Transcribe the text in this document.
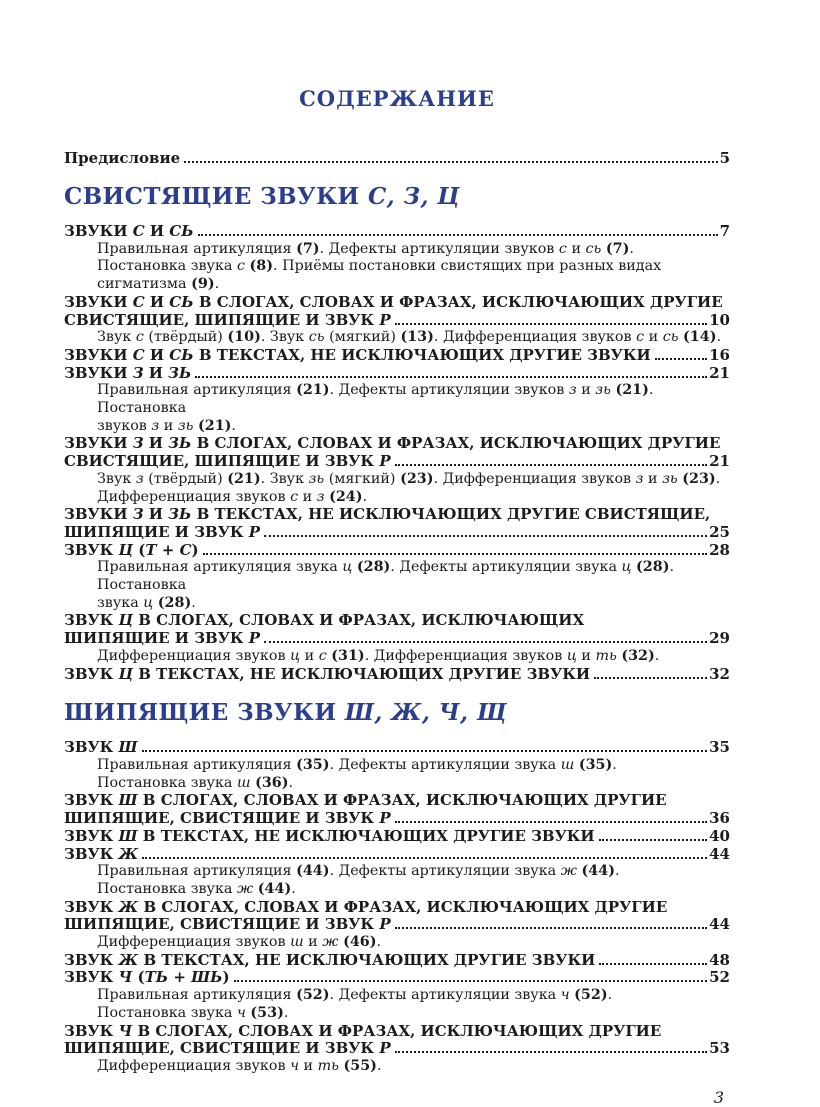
СОДЕРЖАНИЕ
Предисловие	5
СВИСТЯЩИЕ ЗВУКИ С, З, Ц
ЗВУКИ С И СЬ	7
Правильная артикуляция (7). Дефекты артикуляции звуков с и сь (7).
Постановка звука с (8). Приёмы постановки свистящих при разных видах сигматизма (9).
ЗВУКИ С И СЬ В СЛОГАХ, СЛОВАХ И ФРАЗАХ, ИСКЛЮЧАЮЩИХ ДРУГИЕ
СВИСТЯЩИЕ, ШИПЯЩИЕ И ЗВУК Р	10
Звук с (твёрдый) (10). Звук сь (мягкий) (13). Дифференциация звуков с и сь (14).
ЗВУКИ С И СЬ В ТЕКСТАХ, НЕ ИСКЛЮЧАЮЩИХ ДРУГИЕ ЗВУКИ	16
ЗВУКИ З И ЗЬ	21
Правильная артикуляция (21). Дефекты артикуляции звуков з и зь (21). Постановка
звуков з и зь (21).
ЗВУКИ З И ЗЬ В СЛОГАХ, СЛОВАХ И ФРАЗАХ, ИСКЛЮЧАЮЩИХ ДРУГИЕ
СВИСТЯЩИЕ, ШИПЯЩИЕ И ЗВУК Р	21
Звук з (твёрдый) (21). Звук зь (мягкий) (23). Дифференциация звуков з и зь (23).
Дифференциация звуков с и з (24).
ЗВУКИ З И ЗЬ В ТЕКСТАХ, НЕ ИСКЛЮЧАЮЩИХ ДРУГИЕ СВИСТЯЩИЕ,
ШИПЯЩИЕ И ЗВУК Р	25
ЗВУК Ц (Т + С)	28
Правильная артикуляция звука ц (28). Дефекты артикуляции звука ц (28). Постановка
звука ц (28).
ЗВУК Ц В СЛОГАХ, СЛОВАХ И ФРАЗАХ, ИСКЛЮЧАЮЩИХ
ШИПЯЩИЕ И ЗВУК Р	29
Дифференциация звуков ц и с (31). Дифференциация звуков ц и ть (32).
ЗВУК Ц В ТЕКСТАХ, НЕ ИСКЛЮЧАЮЩИХ ДРУГИЕ ЗВУКИ	32
ШИПЯЩИЕ ЗВУКИ Ш, Ж, Ч, Щ
ЗВУК Ш	35
Правильная артикуляция (35). Дефекты артикуляции звука ш (35).
Постановка звука ш (36).
ЗВУК Ш В СЛОГАХ, СЛОВАХ И ФРАЗАХ, ИСКЛЮЧАЮЩИХ ДРУГИЕ
ШИПЯЩИЕ, СВИСТЯЩИЕ И ЗВУК Р	36
ЗВУК Ш В ТЕКСТАХ, НЕ ИСКЛЮЧАЮЩИХ ДРУГИЕ ЗВУКИ	40
ЗВУК Ж	44
Правильная артикуляция (44). Дефекты артикуляции звука ж (44).
Постановка звука ж (44).
ЗВУК Ж В СЛОГАХ, СЛОВАХ И ФРАЗАХ, ИСКЛЮЧАЮЩИХ ДРУГИЕ
ШИПЯЩИЕ, СВИСТЯЩИЕ И ЗВУК Р	44
Дифференциация звуков ш и ж (46).
ЗВУК Ж В ТЕКСТАХ, НЕ ИСКЛЮЧАЮЩИХ ДРУГИЕ ЗВУКИ	48
ЗВУК Ч (ТЬ + ШЬ)	52
Правильная артикуляция (52). Дефекты артикуляции звука ч (52).
Постановка звука ч (53).
ЗВУК Ч В СЛОГАХ, СЛОВАХ И ФРАЗАХ, ИСКЛЮЧАЮЩИХ ДРУГИЕ
ШИПЯЩИЕ, СВИСТЯЩИЕ И ЗВУК Р	53
Дифференциация звуков ч и ть (55).
3
